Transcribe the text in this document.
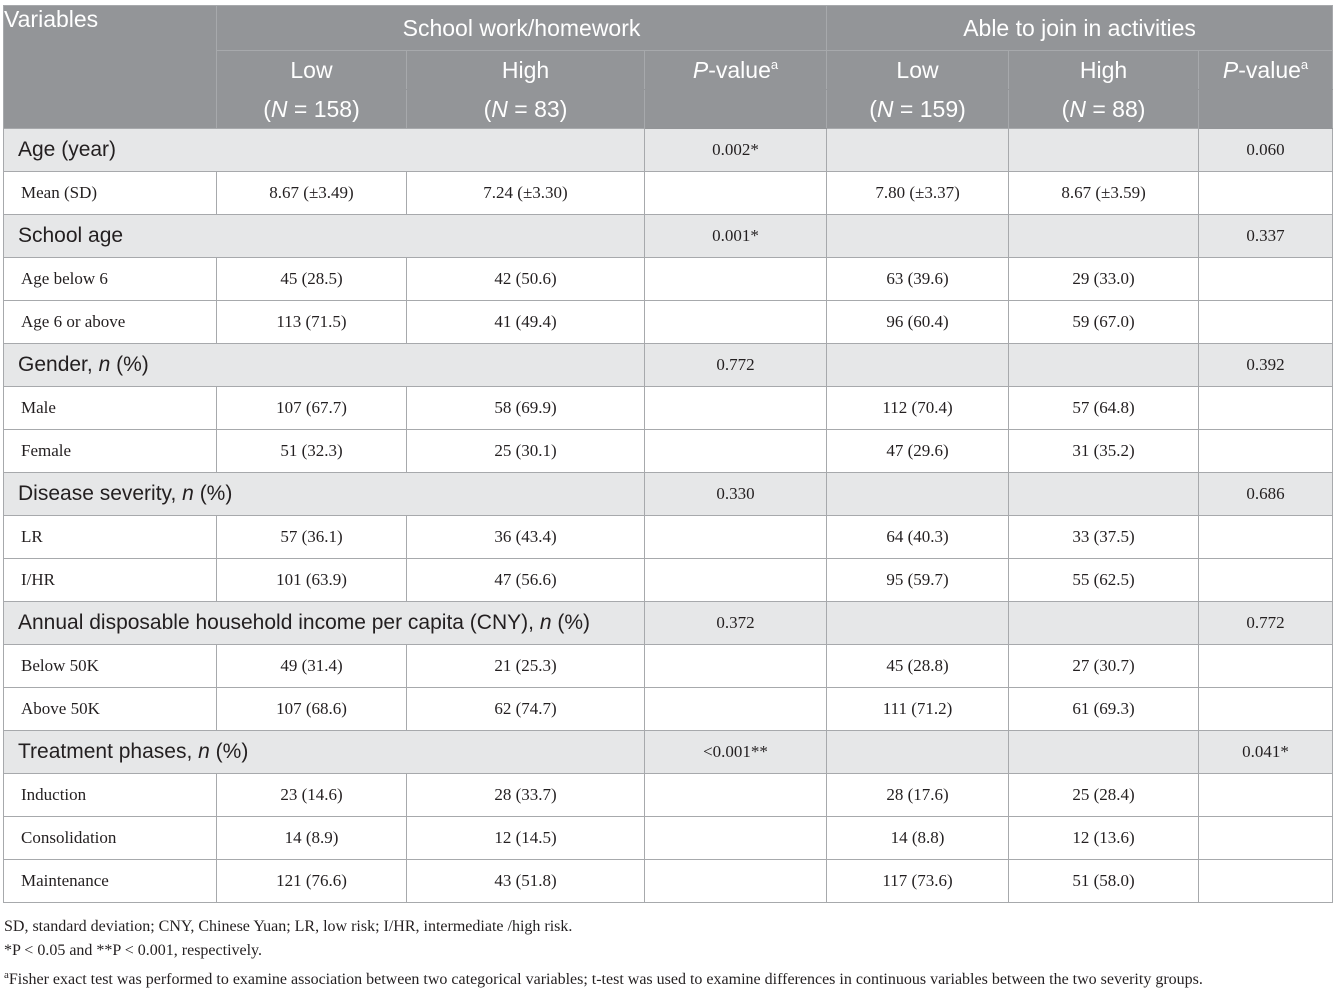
Variables	School work/homework			Able to join in activities		
	Low	High	P-value$^a$	Low	High	P-value$^a$
	(N = 158)	(N = 83)		(N = 159)	(N = 88)	
Age (year)			0.002*			0.060
Mean (SD)	8.67 (±3.49)	7.24 (±3.30)		7.80 (±3.37)	8.67 (±3.59)	
School age			0.001*			0.337
Age below 6	45 (28.5)	42 (50.6)		63 (39.6)	29 (33.0)	
Age 6 or above	113 (71.5)	41 (49.4)		96 (60.4)	59 (67.0)	
Gender, n (%)			0.772			0.392
Male	107 (67.7)	58 (69.9)		112 (70.4)	57 (64.8)	
Female	51 (32.3)	25 (30.1)		47 (29.6)	31 (35.2)	
Disease severity, n (%)			0.330			0.686
LR	57 (36.1)	36 (43.4)		64 (40.3)	33 (37.5)	
I/HR	101 (63.9)	47 (56.6)		95 (59.7)	55 (62.5)	
Annual disposable household income per capita (CNY), n (%)			0.372			0.772
Below 50K	49 (31.4)	21 (25.3)		45 (28.8)	27 (30.7)	
Above 50K	107 (68.6)	62 (74.7)		111 (71.2)	61 (69.3)	
Treatment phases, n (%)			<0.001**			0.041*
Induction	23 (14.6)	28 (33.7)		28 (17.6)	25 (28.4)	
Consolidation	14 (8.9)	12 (14.5)		14 (8.8)	12 (13.6)	
Maintenance	121 (76.6)	43 (51.8)		117 (73.6)	51 (58.0)	
SD, standard deviation; CNY, Chinese Yuan; LR, low risk; I/HR, intermediate /high risk.
*P < 0.05 and **P < 0.001, respectively.
$^a$Fisher exact test was performed to examine association between two categorical variables; t-test was used to examine differences in continuous variables between the two severity groups.
